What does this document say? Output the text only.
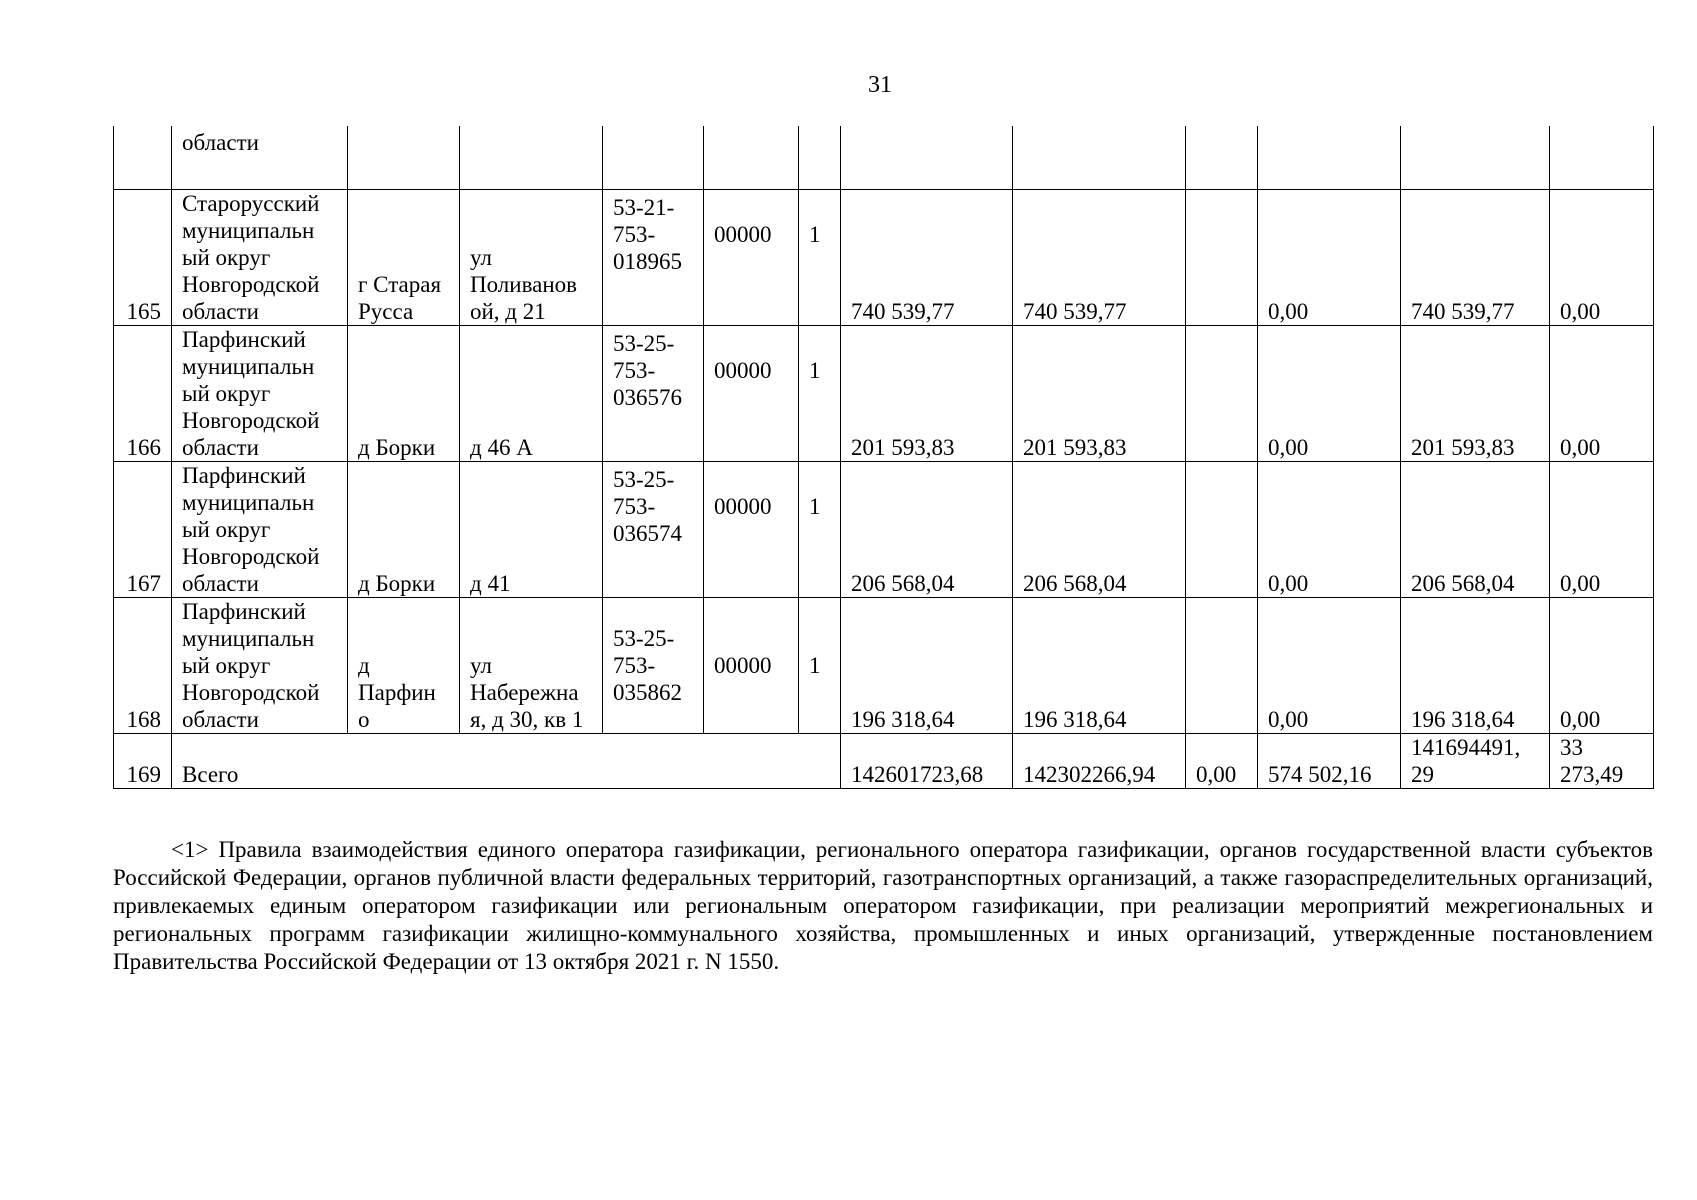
31
	области											
165	Старорусский
муниципальн
ый округ
Новгородской
области	г Старая
Русса	ул
Поливанов
ой, д 21	53-21-
753-
018965	00000	1	740 539,77	740 539,77		0,00	740 539,77	0,00
166	Парфинский
муниципальн
ый округ
Новгородской
области	д Борки	д 46 А	53-25-
753-
036576	00000	1	201 593,83	201 593,83		0,00	201 593,83	0,00
167	Парфинский
муниципальн
ый округ
Новгородской
области	д Борки	д 41	53-25-
753-
036574	00000	1	206 568,04	206 568,04		0,00	206 568,04	0,00
168	Парфинский
муниципальн
ый округ
Новгородской
области	д
Парфин
о	ул
Набережна
я, д 30, кв 1	53-25-
753-
035862	00000	1	196 318,64	196 318,64		0,00	196 318,64	0,00
169	Всего						142601723,68	142302266,94	0,00	574 502,16	141694491,
29	33
273,49
<1> Правила взаимодействия единого оператора газификации, регионального оператора газификации, органов государственной власти субъектов Российской Федерации, органов публичной власти федеральных территорий, газотранспортных организаций, а также газораспределительных организаций, привлекаемых единым оператором газификации или региональным оператором газификации, при реализации мероприятий межрегиональных и региональных программ газификации жилищно-коммунального хозяйства, промышленных и иных организаций, утвержденные постановлением Правительства Российской Федерации от 13 октября 2021 г. N 1550.
